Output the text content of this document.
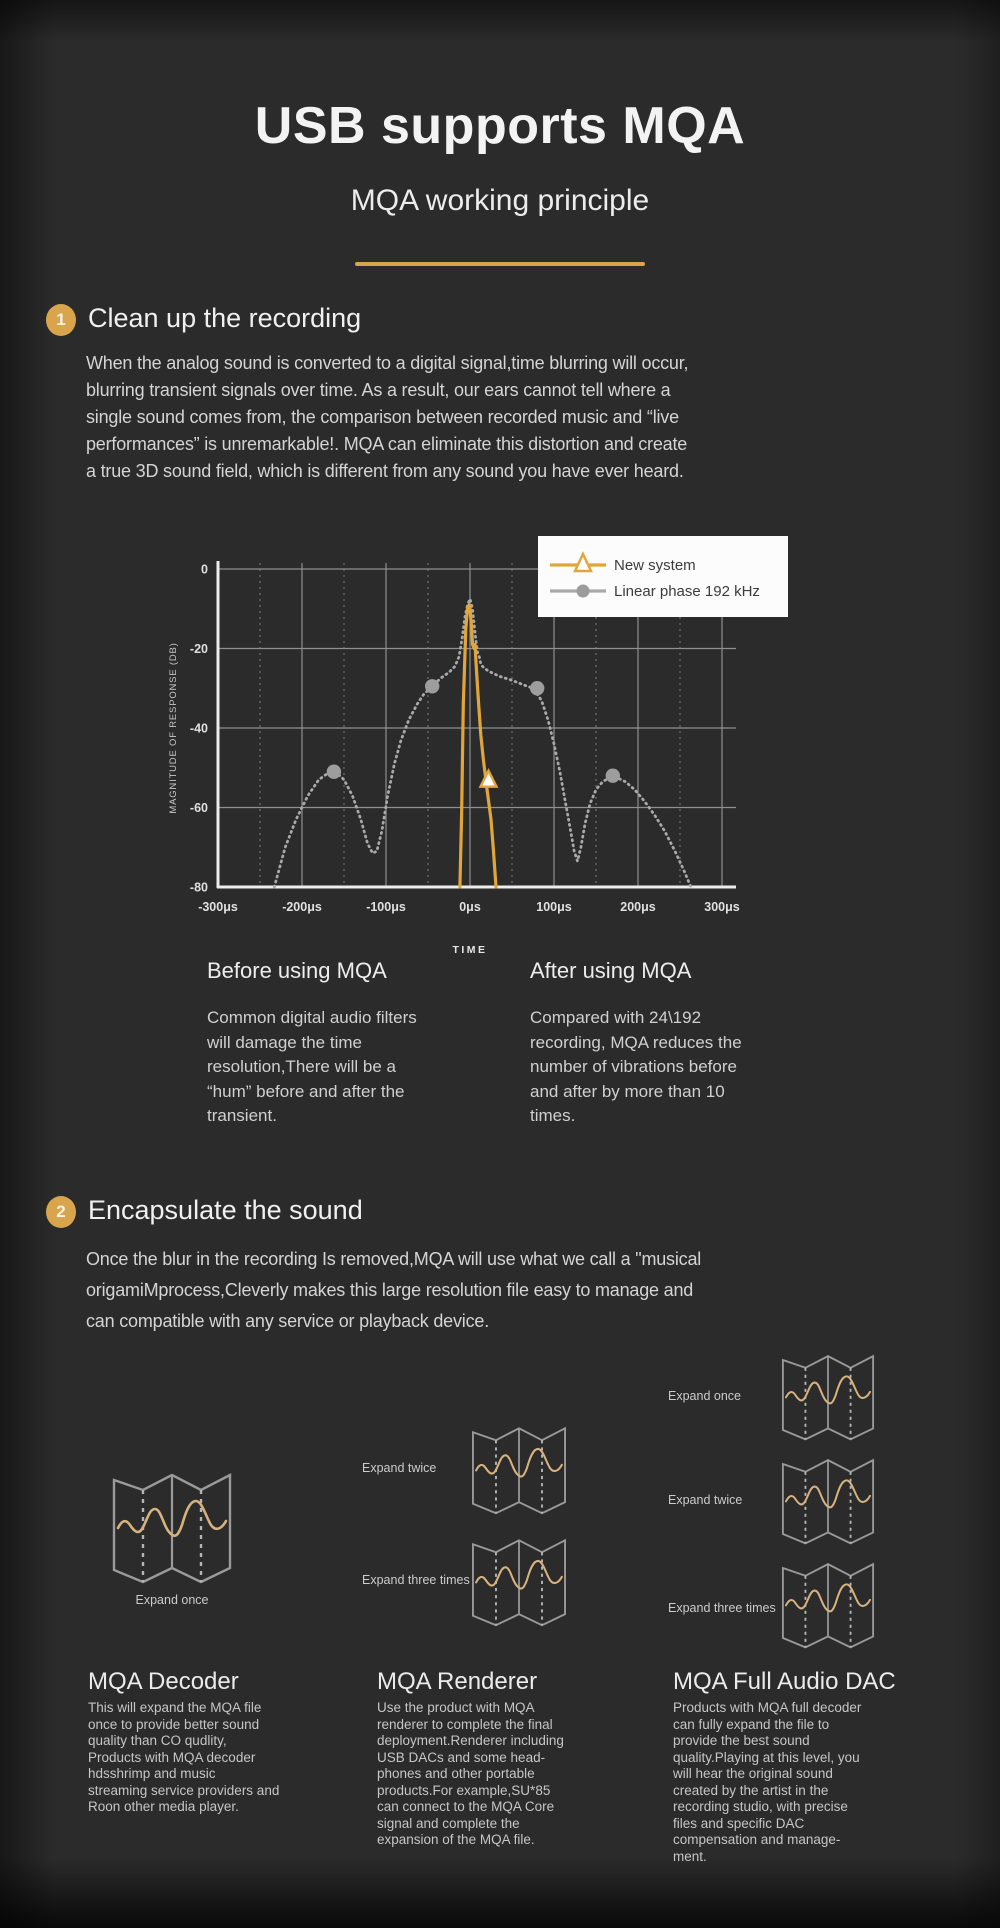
USB supports MQA
MQA working principle
1 Clean up the recording
When the analog sound is converted to a digital signal,time blurring will occur,
blurring transient signals over time. As a result, our ears cannot tell where a
single sound comes from, the comparison between recorded music and “live
performances” is unremarkable!. MQA can eliminate this distortion and create
a true 3D sound field, which is different from any sound you have ever heard.
0
-20
-40
-60
-80
-300μs	-200μs	-100μs	0μs	100μs	200μs	300μs
MAGNITUDE OF RESPONSE (DB)
TIME
New system
Linear phase 192 kHz
Before using MQA	After using MQA
Common digital audio filters
will damage the time
resolution,There will be a
“hum” before and after the
transient.
Compared with 24\192
recording, MQA reduces the
number of vibrations before
and after by more than 10
times.
2 Encapsulate the sound
Once the blur in the recording Is removed,MQA will use what we call a "musical
origamiMprocess,Cleverly makes this large resolution file easy to manage and
can compatible with any service or playback device.
Expand once
MQA Decoder
This will expand the MQA file
once to provide better sound
quality than CO qudlity,
Products with MQA decoder
hdsshrimp and music
streaming service providers and
Roon other media player.
Expand twice
Expand three times
MQA Renderer
Use the product with MQA
renderer to complete the final
deployment.Renderer including
USB DACs and some head-
phones and other portable
products.For example,SU*85
can connect to the MQA Core
signal and complete the
expansion of the MQA file.
Expand once
Expand twice
Expand three times
MQA Full Audio DAC
Products with MQA full decoder
can fully expand the file to
provide the best sound
quality.Playing at this level, you
will hear the original sound
created by the artist in the
recording studio, with precise
files and specific DAC
compensation and manage-
ment.
